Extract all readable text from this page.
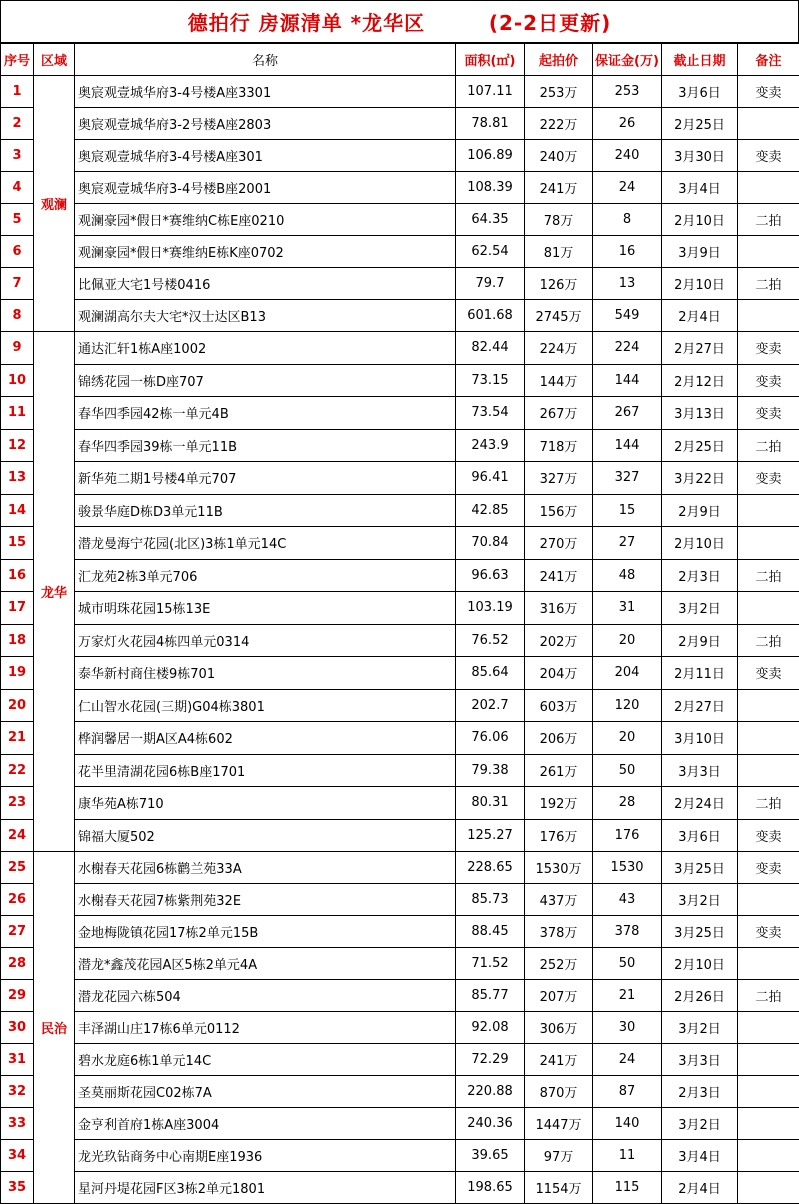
德拍行 房源清单 *龙华区
	(2-2日更新)
序号	区域	名称	面积(㎡)	起拍价	保证金(万)	截止日期	备注
1	观澜	奥宸观壹城华府3-4号楼A座3301	107.11	253万	253	3月6日	变卖
2		奥宸观壹城华府3-2号楼A座2803	78.81	222万	26	2月25日	
3		奥宸观壹城华府3-4号楼A座301	106.89	240万	240	3月30日	变卖
4		奥宸观壹城华府3-4号楼B座2001	108.39	241万	24	3月4日	
5		观澜豪园*假日*赛维纳C栋E座0210	64.35	78万	8	2月10日	二拍
6		观澜豪园*假日*赛维纳E栋K座0702	62.54	81万	16	3月9日	
7		比佩亚大宅1号楼0416	79.7	126万	13	2月10日	二拍
8		观澜湖高尔夫大宅*汉士达区B13	601.68	2745万	549	2月4日	
9	龙华	通达汇轩1栋A座1002	82.44	224万	224	2月27日	变卖
10		锦绣花园一栋D座707	73.15	144万	144	2月12日	变卖
11		春华四季园42栋一单元4B	73.54	267万	267	3月13日	变卖
12		春华四季园39栋一单元11B	243.9	718万	144	2月25日	二拍
13		新华苑二期1号楼4单元707	96.41	327万	327	3月22日	变卖
14		骏景华庭D栋D3单元11B	42.85	156万	15	2月9日	
15		潜龙曼海宁花园(北区)3栋1单元14C	70.84	270万	27	2月10日	
16		汇龙苑2栋3单元706	96.63	241万	48	2月3日	二拍
17		城市明珠花园15栋13E	103.19	316万	31	3月2日	
18		万家灯火花园4栋四单元0314	76.52	202万	20	2月9日	二拍
19		泰华新村商住楼9栋701	85.64	204万	204	2月11日	变卖
20		仁山智水花园(三期)G04栋3801	202.7	603万	120	2月27日	
21		桦润馨居一期A区A4栋602	76.06	206万	20	3月10日	
22		花半里清湖花园6栋B座1701	79.38	261万	50	3月3日	
23		康华苑A栋710	80.31	192万	28	2月24日	二拍
24		锦福大厦502	125.27	176万	176	3月6日	变卖
25	民治	水榭春天花园6栋鹳兰苑33A	228.65	1530万	1530	3月25日	变卖
26		水榭春天花园7栋紫荆苑32E	85.73	437万	43	3月2日	
27		金地梅陇镇花园17栋2单元15B	88.45	378万	378	3月25日	变卖
28		潜龙*鑫茂花园A区5栋2单元4A	71.52	252万	50	2月10日	
29		潜龙花园六栋504	85.77	207万	21	2月26日	二拍
30		丰泽湖山庄17栋6单元0112	92.08	306万	30	3月2日	
31		碧水龙庭6栋1单元14C	72.29	241万	24	3月3日	
32		圣莫丽斯花园C02栋7A	220.88	870万	87	2月3日	
33		金亨利首府1栋A座3004	240.36	1447万	140	3月2日	
34		龙光玖钻商务中心南期E座1936	39.65	97万	11	3月4日	
35		星河丹堤花园F区3栋2单元1801	198.65	1154万	115	2月4日	
